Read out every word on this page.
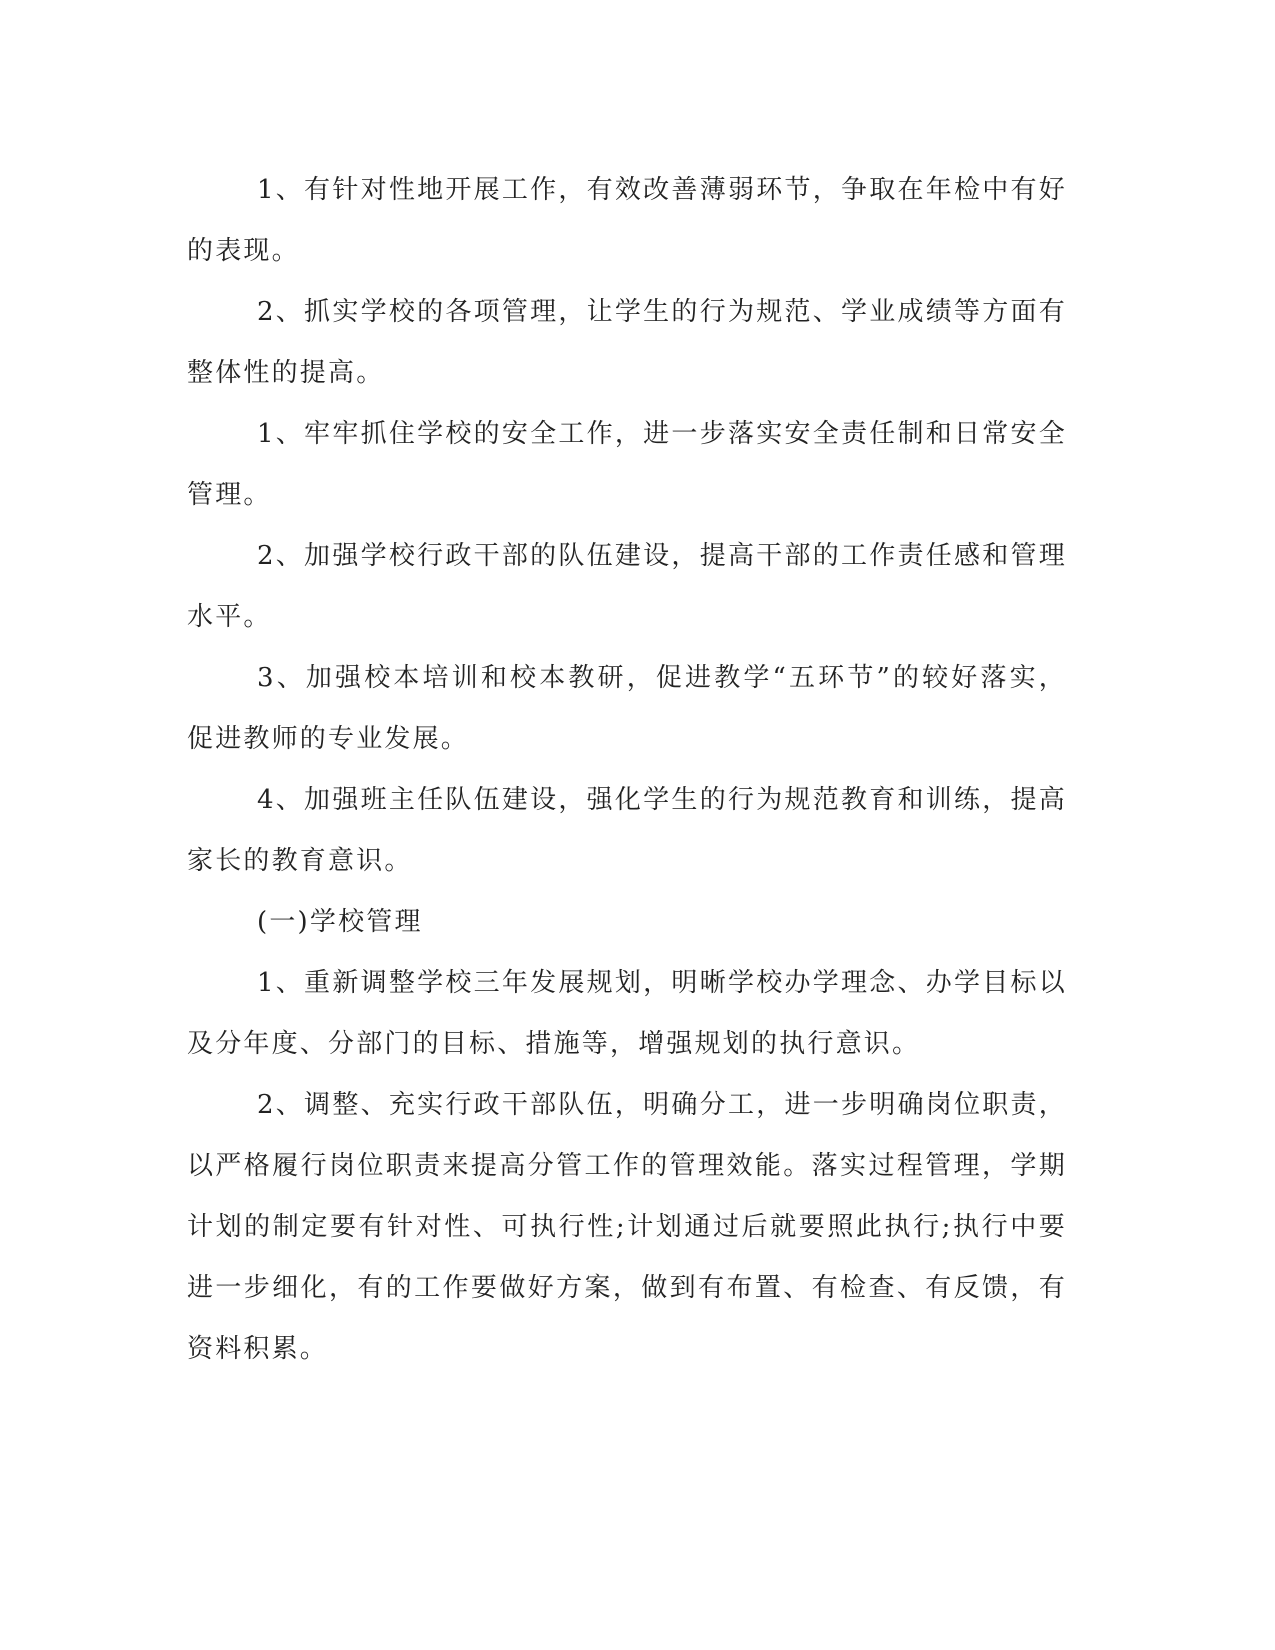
1、有针对性地开展工作，有效改善薄弱环节，争取在年检中有好的表现。

2、抓实学校的各项管理，让学生的行为规范、学业成绩等方面有整体性的提高。

1、牢牢抓住学校的安全工作，进一步落实安全责任制和日常安全管理。

2、加强学校行政干部的队伍建设，提高干部的工作责任感和管理水平。

3、加强校本培训和校本教研，促进教学“五环节”的较好落实，促进教师的专业发展。

4、加强班主任队伍建设，强化学生的行为规范教育和训练，提高家长的教育意识。

(一)学校管理

1、重新调整学校三年发展规划，明晰学校办学理念、办学目标以及分年度、分部门的目标、措施等，增强规划的执行意识。

2、调整、充实行政干部队伍，明确分工，进一步明确岗位职责，以严格履行岗位职责来提高分管工作的管理效能。落实过程管理，学期计划的制定要有针对性、可执行性;计划通过后就要照此执行;执行中要进一步细化，有的工作要做好方案，做到有布置、有检查、有反馈，有资料积累。
